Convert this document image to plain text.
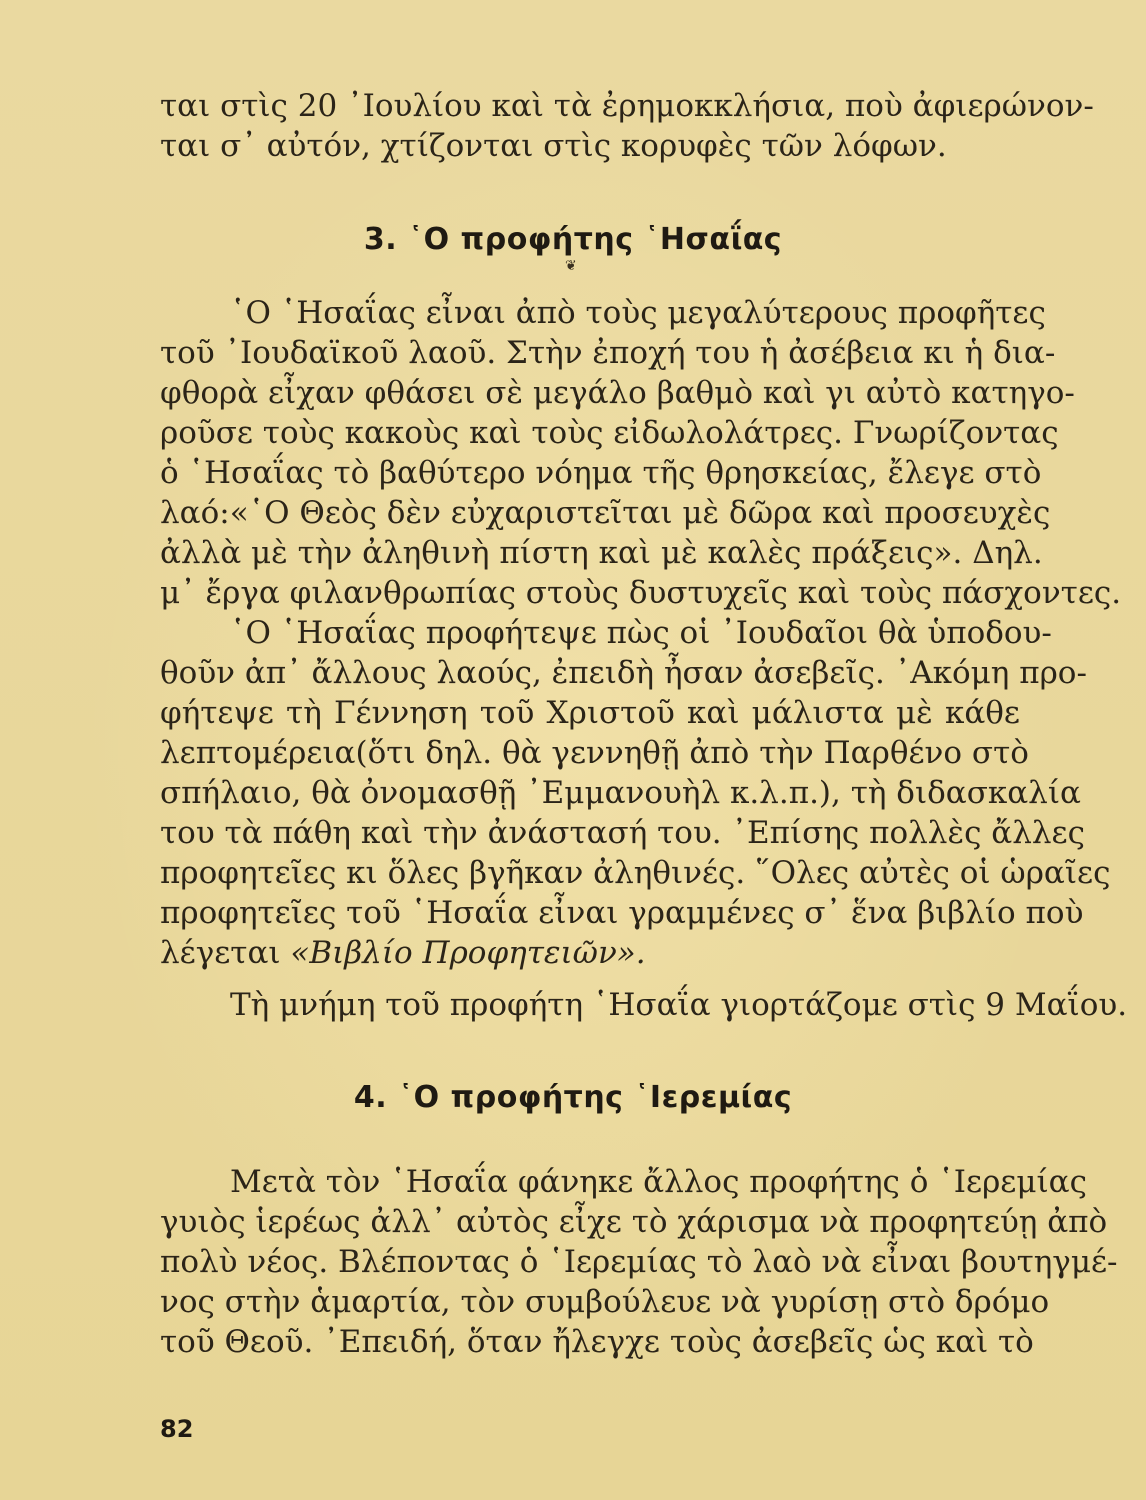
ται στὶς 20 ᾿Ιουλίου καὶ τὰ ἐρημοκκλήσια, ποὺ ἀφιερώνον-
ται σ᾿ αὐτόν, χτίζονται στὶς κορυφὲς τῶν λόφων.
3. ῾Ο προφήτης ῾Ησαΐας
❦
῾Ο ῾Ησαΐας εἶναι ἀπὸ τοὺς μεγαλύτερους προφῆτες
τοῦ ᾿Ιουδαϊκοῦ λαοῦ. Στὴν ἐποχή του ἡ ἀσέβεια κι ἡ δια-
φθορὰ εἶχαν φθάσει σὲ μεγάλο βαθμὸ καὶ γι αὐτὸ κατηγο-
ροῦσε τοὺς κακοὺς καὶ τοὺς εἰδωλολάτρες. Γνωρίζοντας
ὁ ῾Ησαΐας τὸ βαθύτερο νόημα τῆς θρησκείας, ἔλεγε στὸ
λαό:«῾Ο Θεὸς δὲν εὐχαριστεῖται μὲ δῶρα καὶ προσευχὲς
ἀλλὰ μὲ τὴν ἀληθινὴ πίστη καὶ μὲ καλὲς πράξεις». Δηλ.
μ᾿ ἔργα φιλανθρωπίας στοὺς δυστυχεῖς καὶ τοὺς πάσχοντες.
῾Ο ῾Ησαΐας προφήτεψε πὼς οἱ ᾿Ιουδαῖοι θὰ ὑποδου-
θοῦν ἀπ᾿ ἄλλους λαούς, ἐπειδὴ ἦσαν ἀσεβεῖς. ᾿Ακόμη προ-
φήτεψε τὴ Γέννηση τοῦ Χριστοῦ καὶ μάλιστα μὲ κάθε
λεπτομέρεια(ὅτι δηλ. θὰ γεννηθῇ ἀπὸ τὴν Παρθένο στὸ
σπήλαιο, θὰ ὀνομασθῇ ᾿Εμμανουὴλ κ.λ.π.), τὴ διδασκαλία
του τὰ πάθη καὶ τὴν ἀνάστασή του. ᾿Επίσης πολλὲς ἄλλες
προφητεῖες κι ὅλες βγῆκαν ἀληθινές. ῞Ολες αὐτὲς οἱ ὡραῖες
προφητεῖες τοῦ ῾Ησαΐα εἶναι γραμμένες σ᾿ ἕνα βιβλίο ποὺ
λέγεται «Βιβλίο Προφητειῶν».
Τὴ μνήμη τοῦ προφήτη ῾Ησαΐα γιορτάζομε στὶς 9 Μαΐου.
4. ῾Ο προφήτης ῾Ιερεμίας
Μετὰ τὸν ῾Ησαΐα φάνηκε ἄλλος προφήτης ὁ ῾Ιερεμίας
γυιὸς ἱερέως ἀλλ᾿ αὐτὸς εἶχε τὸ χάρισμα νὰ προφητεύῃ ἀπὸ
πολὺ νέος. Βλέποντας ὁ ῾Ιερεμίας τὸ λαὸ νὰ εἶναι βουτηγμέ-
νος στὴν ἁμαρτία, τὸν συμβούλευε νὰ γυρίσῃ στὸ δρόμο
τοῦ Θεοῦ. ᾿Επειδή, ὅταν ἤλεγχε τοὺς ἀσεβεῖς ὡς καὶ τὸ
82
